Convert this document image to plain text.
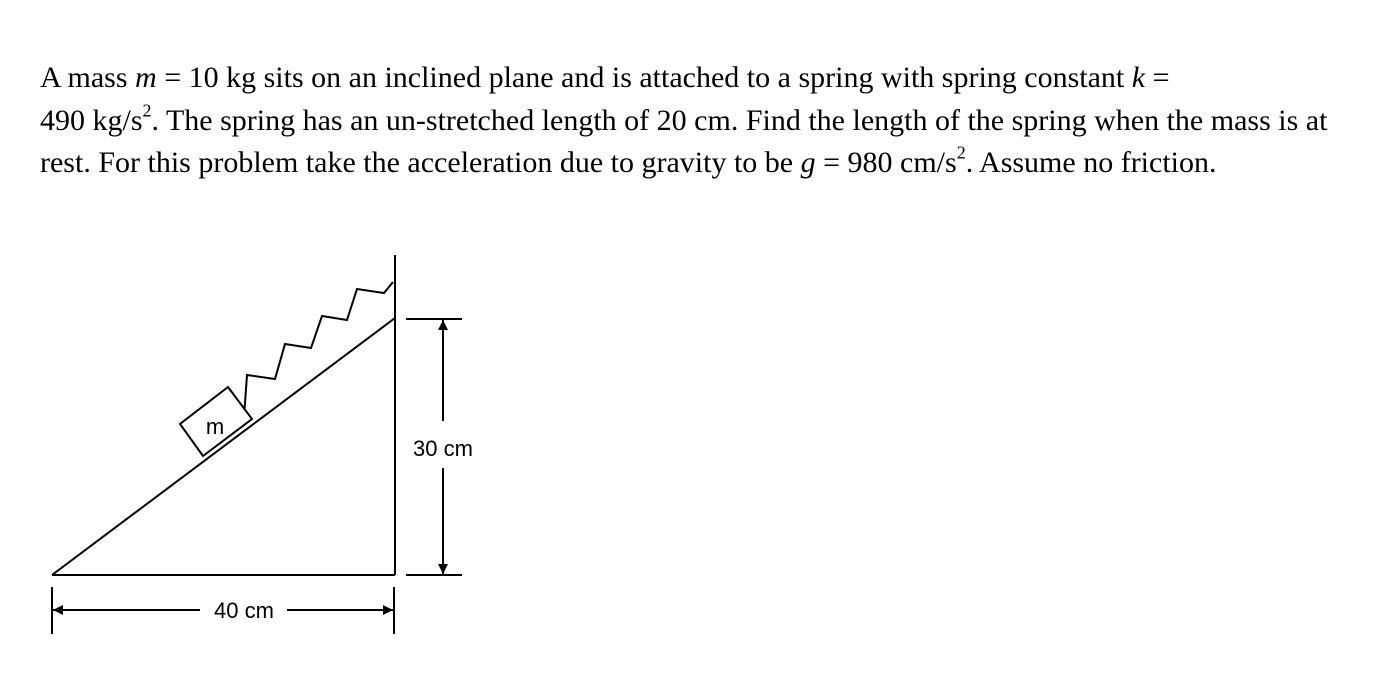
A mass m = 10 kg sits on an inclined plane and is attached to a spring with spring constant k =
490 $kg/s^2$. The spring has an un-stretched length of 20 cm. Find the length of the spring when the mass is at rest. For this problem take the acceleration due to gravity to be g = 980 $cm/s^2$. Assume no friction.
m
30 cm
40 cm
